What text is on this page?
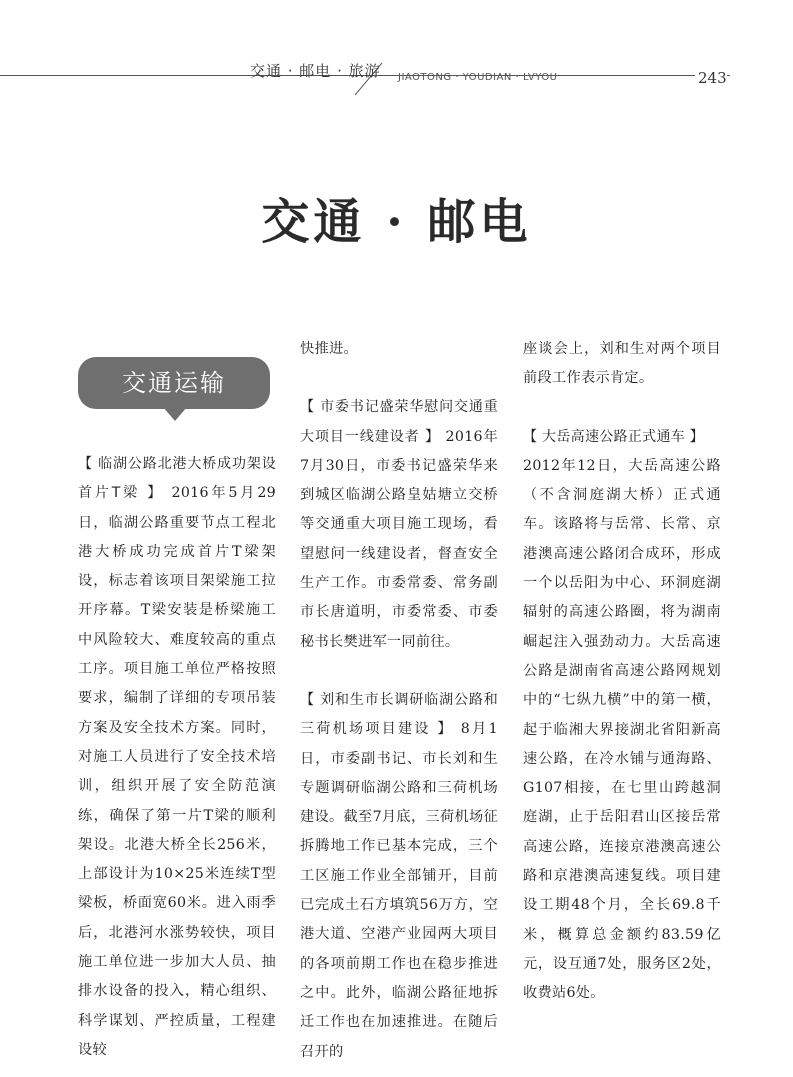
交通 · 邮电 · 旅游 JIAOTONG · YOUDIAN · LVYOU	243
交通 · 邮电
交通运输

【 临湖公路北港大桥成功架设首片T梁 】 2016年5月29日，临湖公路重要节点工程北港大桥成功完成首片T梁架设，标志着该项目架梁施工拉开序幕。T梁安装是桥梁施工中风险较大、难度较高的重点工序。项目施工单位严格按照要求，编制了详细的专项吊装方案及安全技术方案。同时，对施工人员进行了安全技术培训，组织开展了安全防范演练，确保了第一片T梁的顺利架设。北港大桥全长256米，上部设计为10×25米连续T型梁板，桥面宽60米。进入雨季后，北港河水涨势较快，项目施工单位进一步加大人员、抽排水设备的投入，精心组织、科学谋划、严控质量，工程建设较

快推进。

【 市委书记盛荣华慰问交通重大项目一线建设者 】 2016年7月30日，市委书记盛荣华来到城区临湖公路皇姑塘立交桥等交通重大项目施工现场，看望慰问一线建设者，督查安全生产工作。市委常委、常务副市长唐道明，市委常委、市委秘书长樊进军一同前往。

【 刘和生市长调研临湖公路和三荷机场项目建设 】 8月1日，市委副书记、市长刘和生专题调研临湖公路和三荷机场建设。截至7月底，三荷机场征拆腾地工作已基本完成，三个工区施工作业全部铺开，目前已完成土石方填筑56万方，空港大道、空港产业园两大项目的各项前期工作也在稳步推进之中。此外，临湖公路征地拆迁工作也在加速推进。在随后召开的

座谈会上，刘和生对两个项目前段工作表示肯定。

【 大岳高速公路正式通车 】
2012年12日，大岳高速公路（不含洞庭湖大桥）正式通车。该路将与岳常、长常、京港澳高速公路闭合成环，形成一个以岳阳为中心、环洞庭湖辐射的高速公路圈，将为湖南崛起注入强劲动力。大岳高速公路是湖南省高速公路网规划中的“七纵九横”中的第一横，起于临湘大界接湖北省阳新高速公路，在冷水铺与通海路、G107相接，在七里山跨越洞庭湖，止于岳阳君山区接岳常高速公路，连接京港澳高速公路和京港澳高速复线。项目建设工期48个月，全长69.8千米，概算总金额约83.59亿元，设互通7处，服务区2处，收费站6处。
